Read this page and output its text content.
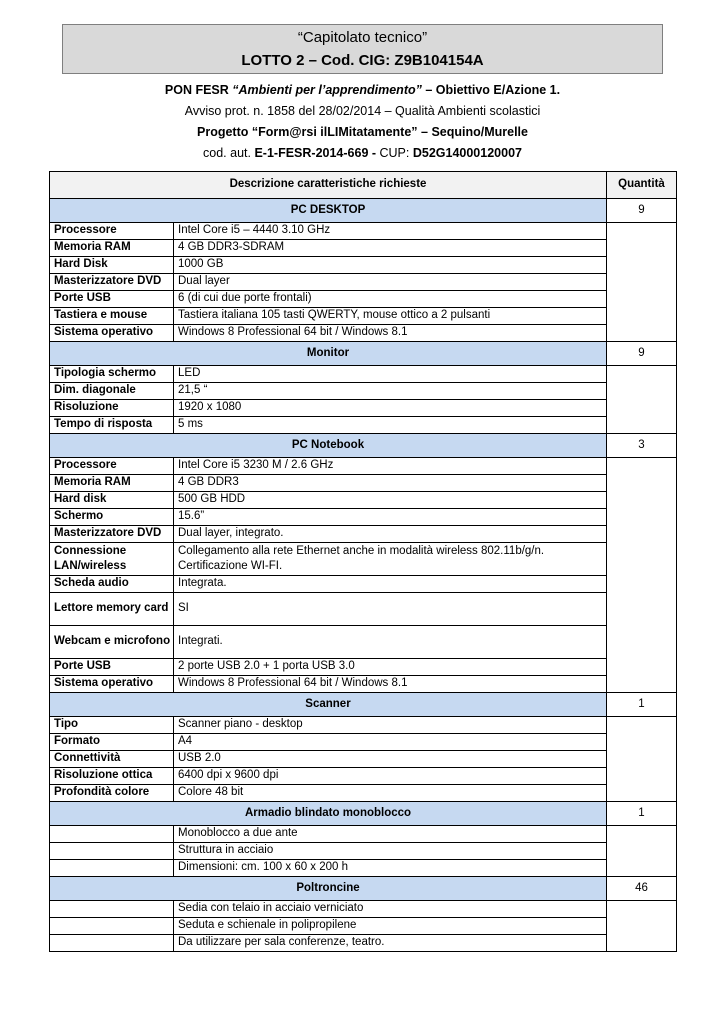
“Capitolato tecnico”
LOTTO 2 – Cod. CIG: Z9B104154A
PON FESR “Ambienti per l’apprendimento” – Obiettivo E/Azione 1.
Avviso prot. n. 1858 del 28/02/2014 – Qualità Ambienti scolastici
Progetto “Form@rsi ilLIMitatamente” – Sequino/Murelle
cod. aut. E-1-FESR-2014-669 - CUP: D52G14000120007
Descrizione caratteristiche richieste		Quantità
PC DESKTOP		9
Processore	Intel Core i5 – 4440 3.10 GHz	
Memoria RAM	4 GB DDR3-SDRAM	
Hard Disk	1000 GB	
Masterizzatore DVD	Dual layer	
Porte USB	6 (di cui due porte frontali)	
Tastiera e mouse	Tastiera italiana 105 tasti QWERTY, mouse ottico a 2 pulsanti	
Sistema operativo	Windows 8 Professional 64 bit / Windows 8.1	
Monitor		9
Tipologia schermo	LED	
Dim. diagonale	21,5 “	
Risoluzione	1920 x 1080	
Tempo di risposta	5 ms	
PC Notebook		3
Processore	Intel Core i5 3230 M / 2.6 GHz	
Memoria RAM	4 GB DDR3	
Hard disk	500 GB HDD	
Schermo	15.6”	
Masterizzatore DVD	Dual layer, integrato.	
Connessione LAN/wireless	Collegamento alla rete Ethernet anche in modalità wireless 802.11b/g/n. Certificazione WI-FI.	
Scheda audio	Integrata.	
Lettore memory card	SI	
Webcam e microfono	Integrati.	
Porte USB	2 porte USB 2.0 + 1 porta USB 3.0	
Sistema operativo	Windows 8 Professional 64 bit / Windows 8.1	
Scanner		1
Tipo	Scanner piano - desktop	
Formato	A4	
Connettività	USB 2.0	
Risoluzione ottica	6400 dpi x 9600 dpi	
Profondità colore	Colore 48 bit	
Armadio blindato monoblocco		1
	Monoblocco a due ante	
	Struttura in acciaio	
	Dimensioni: cm. 100 x 60 x 200 h	
Poltroncine		46
	Sedia con telaio in acciaio verniciato	
	Seduta e schienale in polipropilene	
	Da utilizzare per sala conferenze, teatro.	
